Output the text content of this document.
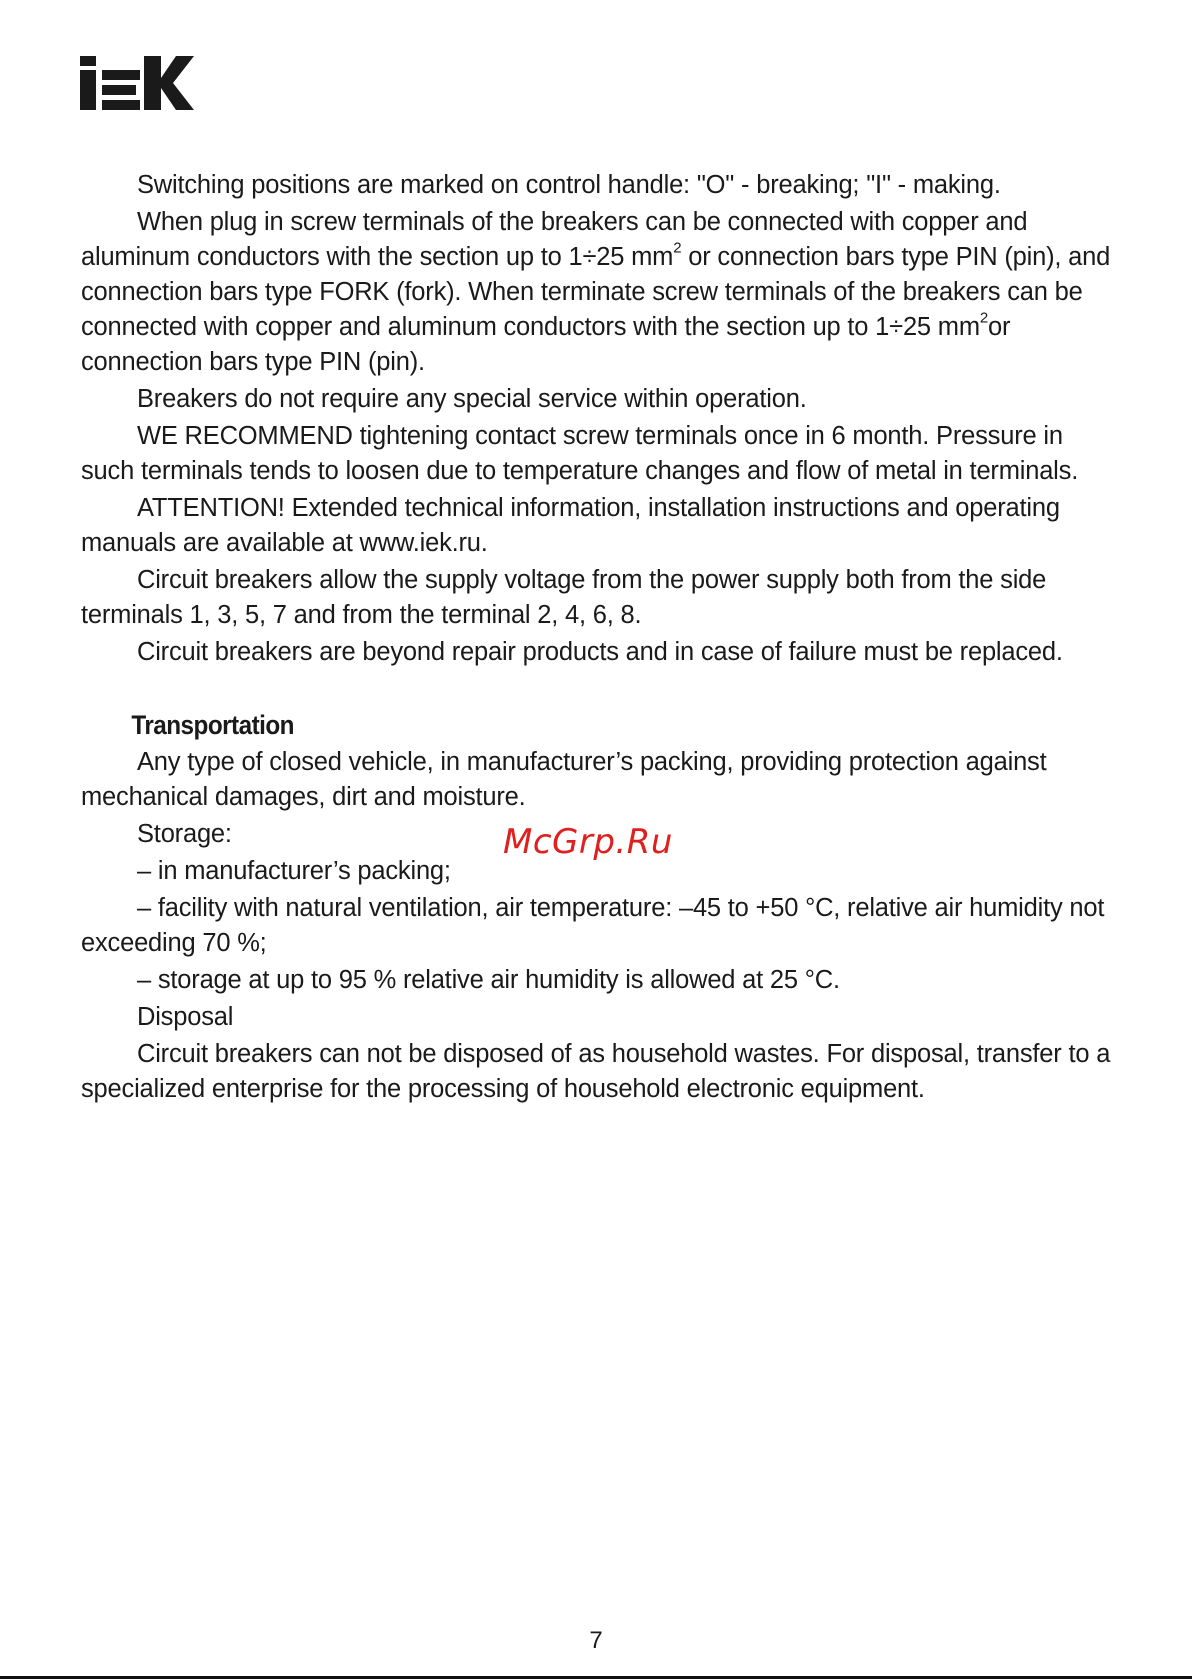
Switching positions are marked on control handle: "O" - breaking; "I" - making.

When plug in screw terminals of the breakers can be connected with copper and aluminum conductors with the section up to 1÷25 $mm^2$ or connection bars type PIN (pin), and connection bars type FORK (fork). When terminate screw terminals of the breakers can be connected with copper and aluminum conductors with the section up to 1÷25 $mm^2or$ connection bars type PIN (pin).

Breakers do not require any special service within operation.

WE RECOMMEND tightening contact screw terminals once in 6 month. Pressure in such terminals tends to loosen due to temperature changes and flow of metal in terminals.

ATTENTION! Extended technical information, installation instructions and operating manuals are available at www.iek.ru.

Circuit breakers allow the supply voltage from the power supply both from the side terminals 1, 3, 5, 7 and from the terminal 2, 4, 6, 8.

Circuit breakers are beyond repair products and in case of failure must be replaced.

Transportation

Any type of closed vehicle, in manufacturer’s packing, providing protection against mechanical damages, dirt and moisture.

Storage:

– in manufacturer’s packing;

– facility with natural ventilation, air temperature: –45 to +50 °C, relative air humidity not exceeding 70 %;

– storage at up to 95 % relative air humidity is allowed at 25 °C.

Disposal

Circuit breakers can not be disposed of as household wastes. For disposal, transfer to a specialized enterprise for the processing of household electronic equipment.

McGrp.Ru
7
